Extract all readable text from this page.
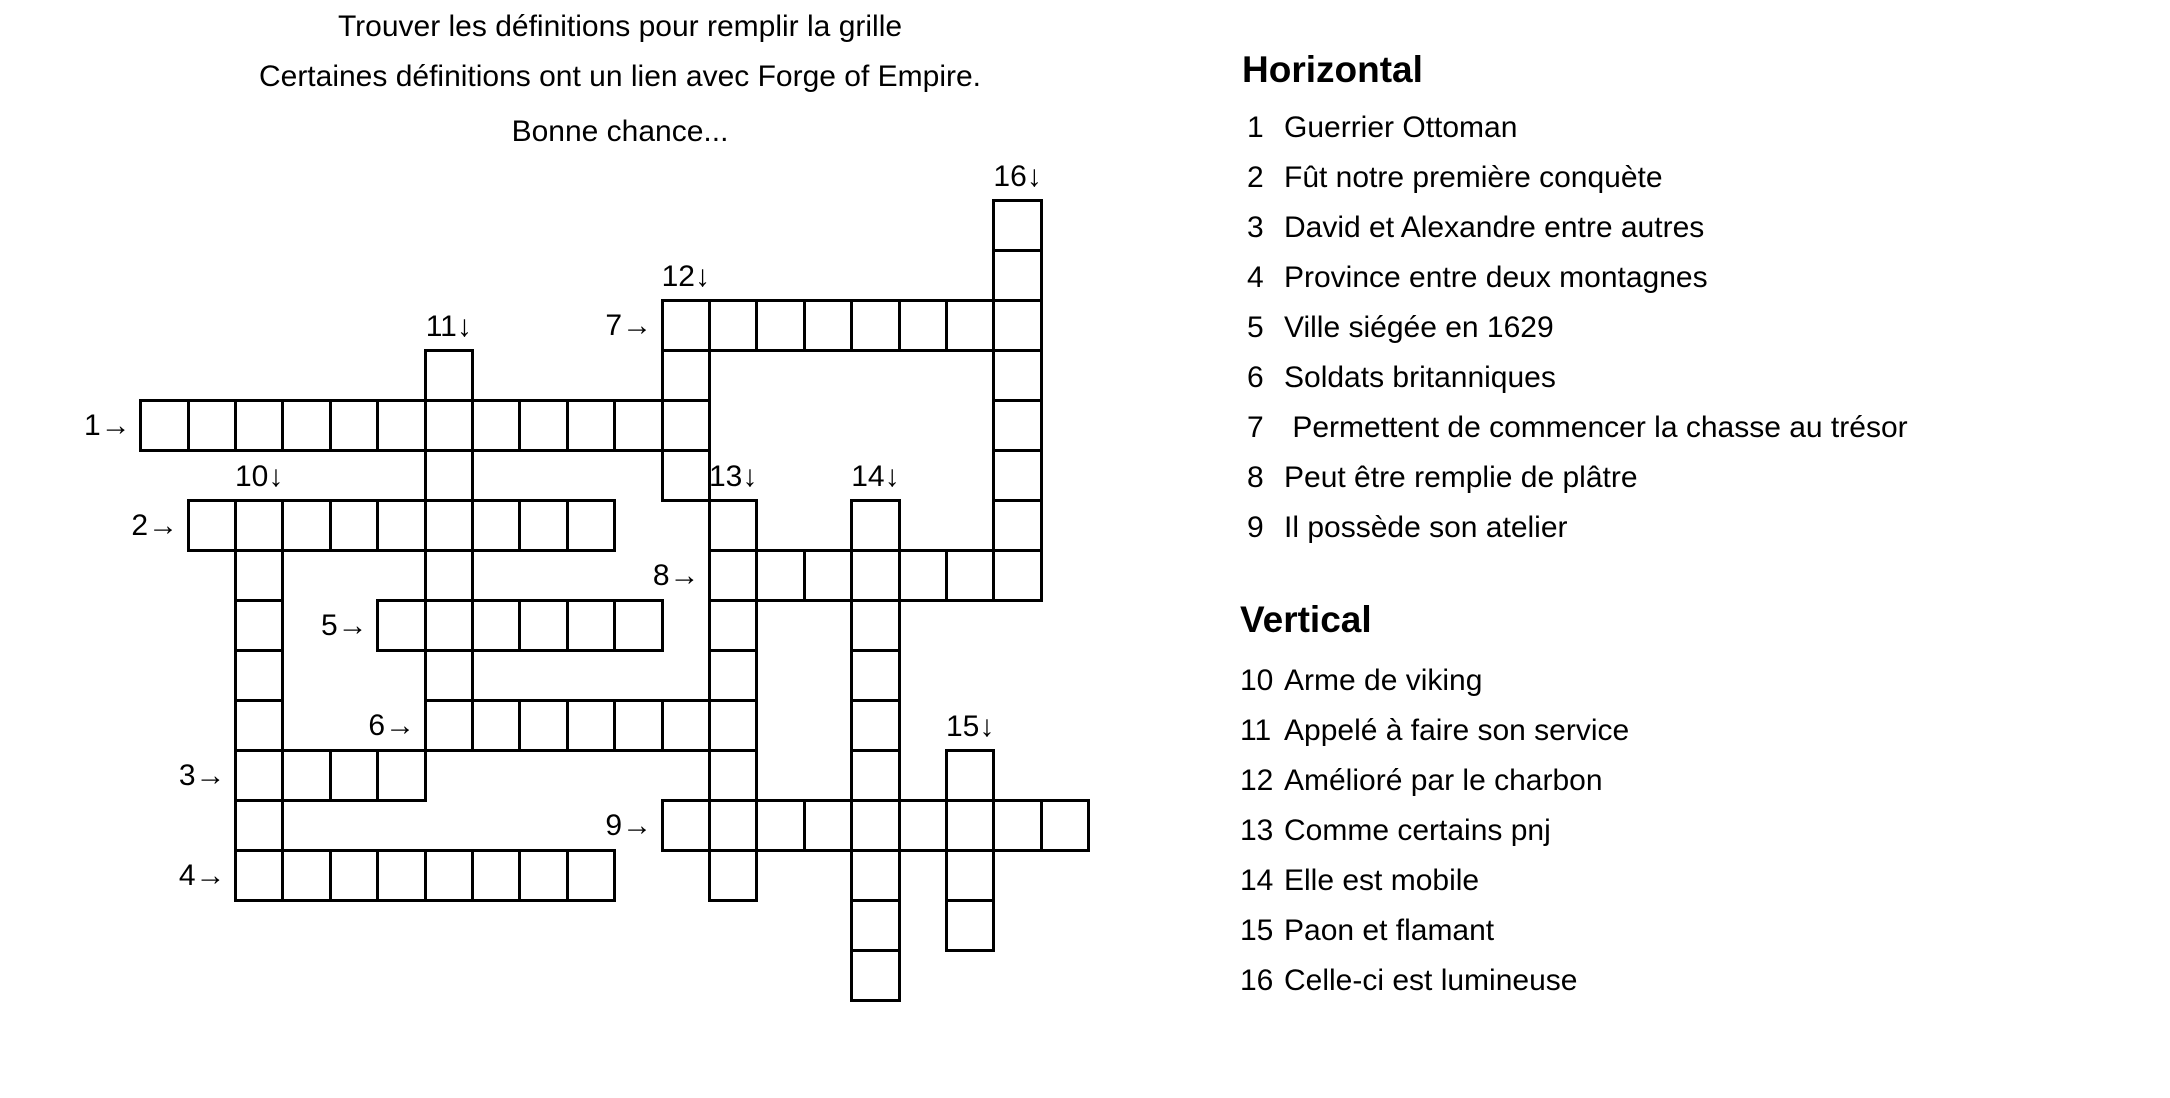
Trouver les définitions pour remplir la grille
Certaines définitions ont un lien avec Forge of Empire.
Bonne chance...
1→
2→
3→
4→
5→
6→
7→
8→
9→
10↓
11↓
12↓
13↓	14↓
15↓
16↓
Horizontal
1 Guerrier Ottoman
2 Fût notre première conquète
3 David et Alexandre entre autres
4 Province entre deux montagnes
5 Ville siégée en 1629
6 Soldats britanniques
7 Permettent de commencer la chasse au trésor
8 Peut être remplie de plâtre
9 Il possède son atelier
Vertical
10 Arme de viking
11 Appelé à faire son service
12 Amélioré par le charbon
13 Comme certains pnj
14 Elle est mobile
15 Paon et flamant
16 Celle-ci est lumineuse
